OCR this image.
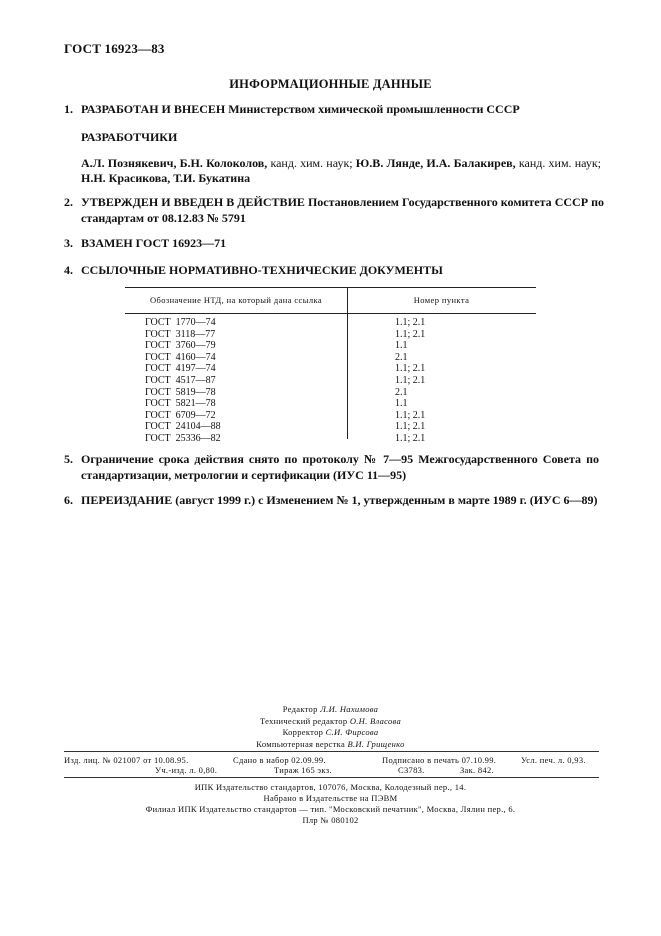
ГОСТ 16923—83
ИНФОРМАЦИОННЫЕ ДАННЫЕ
1. РАЗРАБОТАН И ВНЕСЕН Министерством химической промышленности СССР
РАЗРАБОТЧИКИ
А.Л. Познякевич, Б.Н. Колоколов, канд. хим. наук; Ю.В. Лянде, И.А. Балакирев, канд. хим. наук; Н.Н. Красикова, Т.И. Букатина
2. УТВЕРЖДЕН И ВВЕДЕН В ДЕЙСТВИЕ Постановлением Государственного комитета СССР по стандартам от 08.12.83 № 5791
3. ВЗАМЕН ГОСТ 16923—71
4. ССЫЛОЧНЫЕ НОРМАТИВНО-ТЕХНИЧЕСКИЕ ДОКУМЕНТЫ
Обозначение НТД, на который дана ссылка	Номер пункта
ГОСТ  1770—74	1.1; 2.1
ГОСТ  3118—77	1.1; 2.1
ГОСТ  3760—79	1.1
ГОСТ  4160—74	2.1
ГОСТ  4197—74	1.1; 2.1
ГОСТ  4517—87	1.1; 2.1
ГОСТ  5819—78	2.1
ГОСТ  5821—78	1.1
ГОСТ  6709—72	1.1; 2.1
ГОСТ  24104—88	1.1; 2.1
ГОСТ  25336—82	1.1; 2.1
5. Ограничение срока действия снято по протоколу № 7—95 Межгосударственного Совета по стандартизации, метрологии и сертификации (ИУС 11—95)
6. ПЕРЕИЗДАНИЕ (август 1999 г.) с Изменением № 1, утвержденным в марте 1989 г. (ИУС 6—89)
Редактор Л.И. Нахимова
Технический редактор О.Н. Власова
Корректор С.И. Фирсова
Компьютерная верстка В.И. Грищенко
Изд. лиц. № 021007 от 10.08.95.	Сдано в набор 02.09.99.	Подписано в печать 07.10.99.	Усл. печ. л. 0,93.
Уч.-изд. л. 0,80.	Тираж 165 экз.	С3783.	Зак. 842.
ИПК Издательство стандартов, 107076, Москва, Колодезный пер., 14.
Набрано в Издательстве на ПЭВМ
Филиал ИПК Издательство стандартов — тип. "Московский печатник", Москва, Лялин пер., 6.
Плр № 080102
